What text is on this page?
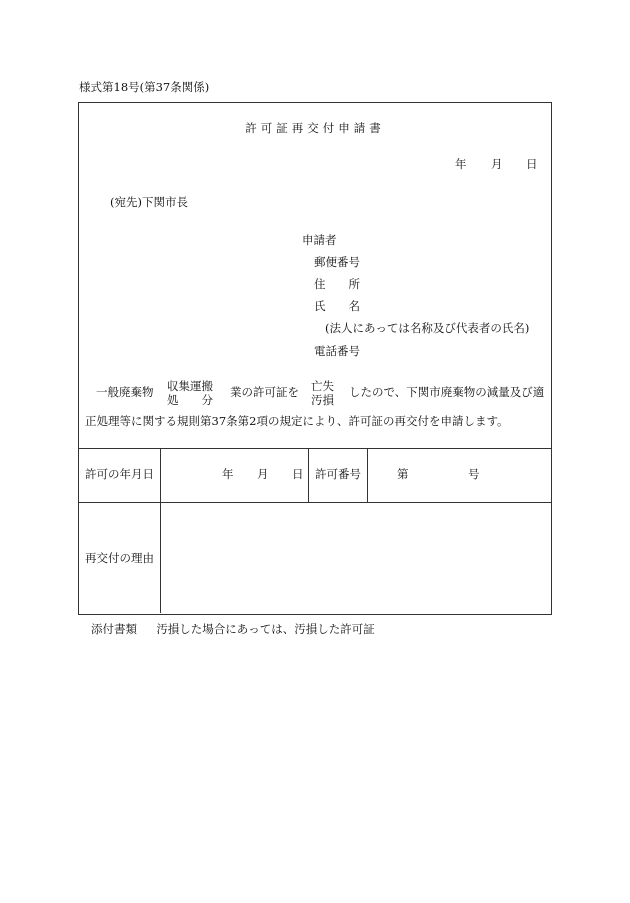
様式第18号(第37条関係)
許可証再交付申請書
年 月 日
(宛先)下関市長
申請者
郵便番号
住　　所
氏　　名
(法人にあっては名称及び代表者の氏名)
電話番号
一般廃棄物 収集運搬
処　　分
業の許可証を 亡失
汚損
したので、下関市廃棄物の減量及び適
正処理等に関する規則第37条第2項の規定により、許可証の再交付を申請します。
許可の年月日	年 月 日 許可番号	第	号
再交付の理由
添付書類 汚損した場合にあっては、汚損した許可証
